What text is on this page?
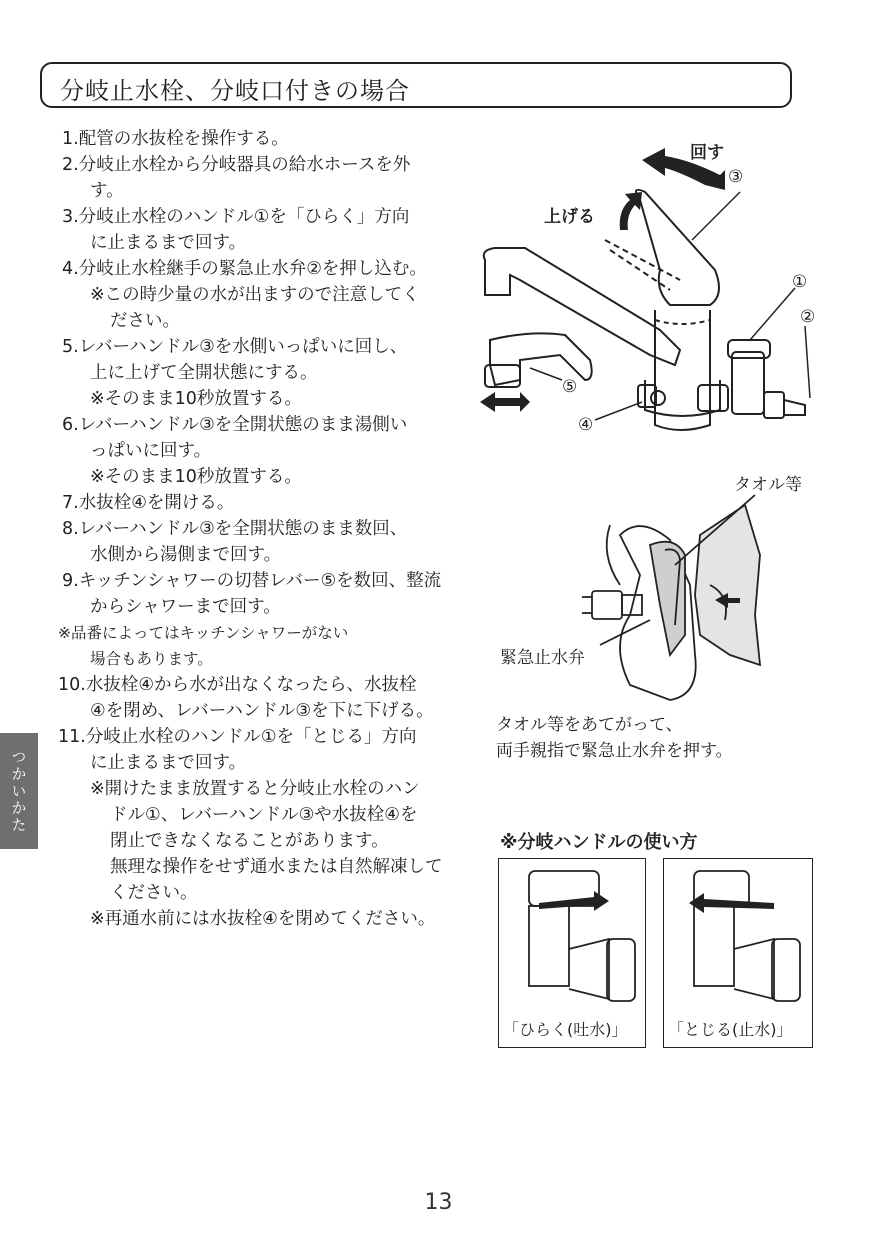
分岐止水栓、分岐口付きの場合
1.配管の水抜栓を操作する。
2.分岐止水栓から分岐器具の給水ホースを外
す。
3.分岐止水栓のハンドル①を「ひらく」方向
に止まるまで回す。
4.分岐止水栓継手の緊急止水弁②を押し込む。
※この時少量の水が出ますので注意してく
ださい。
5.レバーハンドル③を水側いっぱいに回し、
上に上げて全開状態にする。
※そのまま10秒放置する。
6.レバーハンドル③を全開状態のまま湯側い
っぱいに回す。
※そのまま10秒放置する。
7.水抜栓④を開ける。
8.レバーハンドル③を全開状態のまま数回、
水側から湯側まで回す。
9.キッチンシャワーの切替レバー⑤を数回、整流
からシャワーまで回す。
※品番によってはキッチンシャワーがない
場合もあります。
10.水抜栓④から水が出なくなったら、水抜栓
④を閉め、レバーハンドル③を下に下げる。
11.分岐止水栓のハンドル①を「とじる」方向
に止まるまで回す。
※開けたまま放置すると分岐止水栓のハン
ドル①、レバーハンドル③や水抜栓④を
閉止できなくなることがあります。
無理な操作をせず通水または自然解凍して
ください。
※再通水前には水抜栓④を閉めてください。
回す
上げる
③
①
②
⑤
④
タオル等
緊急止水弁
タオル等をあてがって、
両手親指で緊急止水弁を押す。
※分岐ハンドルの使い方
「ひらく(吐水)」	「とじる(止水)」
つかいかた
13
